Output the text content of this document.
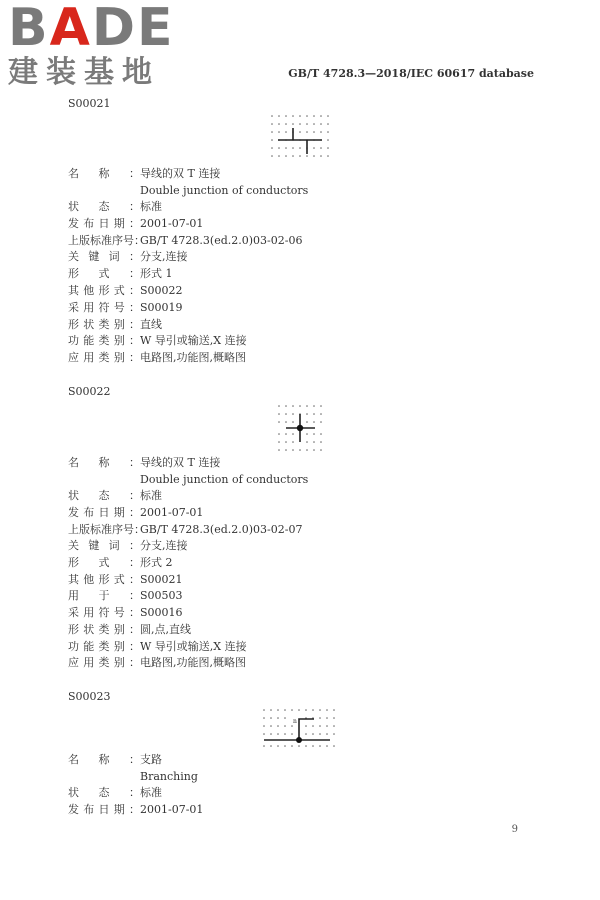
BADE
建装基地	GB/T 4728.3—2018/IEC 60617 database
S00021
名称：导线的双 T 连接
Double junction of conductors
状态：标准
发布日期：2001-07-01
上版标准序号：GB/T 4728.3(ed.2.0)03-02-06
关键词：分支,连接
形式：形式 1
其他形式：S00022
采用符号：S00019
形状类别：直线
功能类别：W 导引或输送,X 连接
应用类别：电路图,功能图,概略图
S00022
名称：导线的双 T 连接
Double junction of conductors
状态：标准
发布日期：2001-07-01
上版标准序号：GB/T 4728.3(ed.2.0)03-02-07
关键词：分支,连接
形式：形式 2
其他形式：S00021
用于：S00503
采用符号：S00016
形状类别：圆,点,直线
功能类别：W 导引或输送,X 连接
应用类别：电路图,功能图,概略图
S00023
n
名称：支路
Branching
状态：标准
发布日期：2001-07-01
9
